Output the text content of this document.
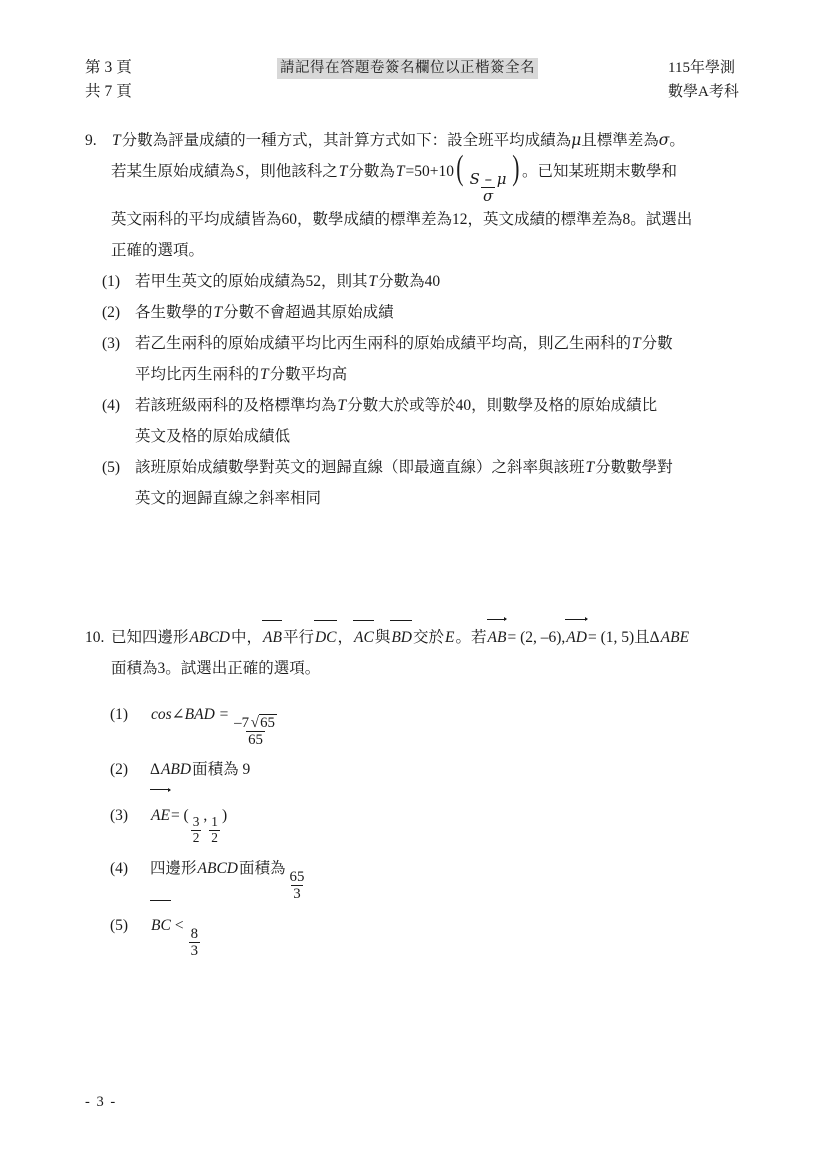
第 3 頁
共 7 頁
請記得在答題卷簽名欄位以正楷簽全名	115年學測
數學A考科
9. T分數為評量成績的一種方式，其計算方式如下：設全班平均成績為μ且標準差為σ。
若某生原始成績為S，則他該科之T分數為$T=50+10( \frac{S - \mu}{\sigma}$ ) 。已知某班期末數學和
英文兩科的平均成績皆為60，數學成績的標準差為12，英文成績的標準差為8。試選出
正確的選項。
(1) 若甲生英文的原始成績為52，則其T分數為40
(2) 各生數學的T分數不會超過其原始成績
(3) 若乙生兩科的原始成績平均比丙生兩科的原始成績平均高，則乙生兩科的T分數
平均比丙生兩科的T分數平均高
(4) 若該班級兩科的及格標準均為T分數大於或等於40，則數學及格的原始成績比
英文及格的原始成績低
(5) 該班原始成績數學對英文的迴歸直線（即最適直線）之斜率與該班T分數數學對
英文的迴歸直線之斜率相同
10. 已知四邊形ABCD中，AB平行DC，AC與BD交於E。若AB= (2, –6),AD= (1, 5)且ΔABE
面積為3。試選出正確的選項。
(1)	cos∠BAD = $\frac{-7 √65}{65}$
(2)	ΔABD面積為 9
(3)	AE= ( $\frac{3}{2}$ , $\frac{1}{2}$ )
(4)	四邊形ABCD面積為
$\frac{65}{3}$
(5)	BC <
$\frac{8}{3}$
- 3 -
